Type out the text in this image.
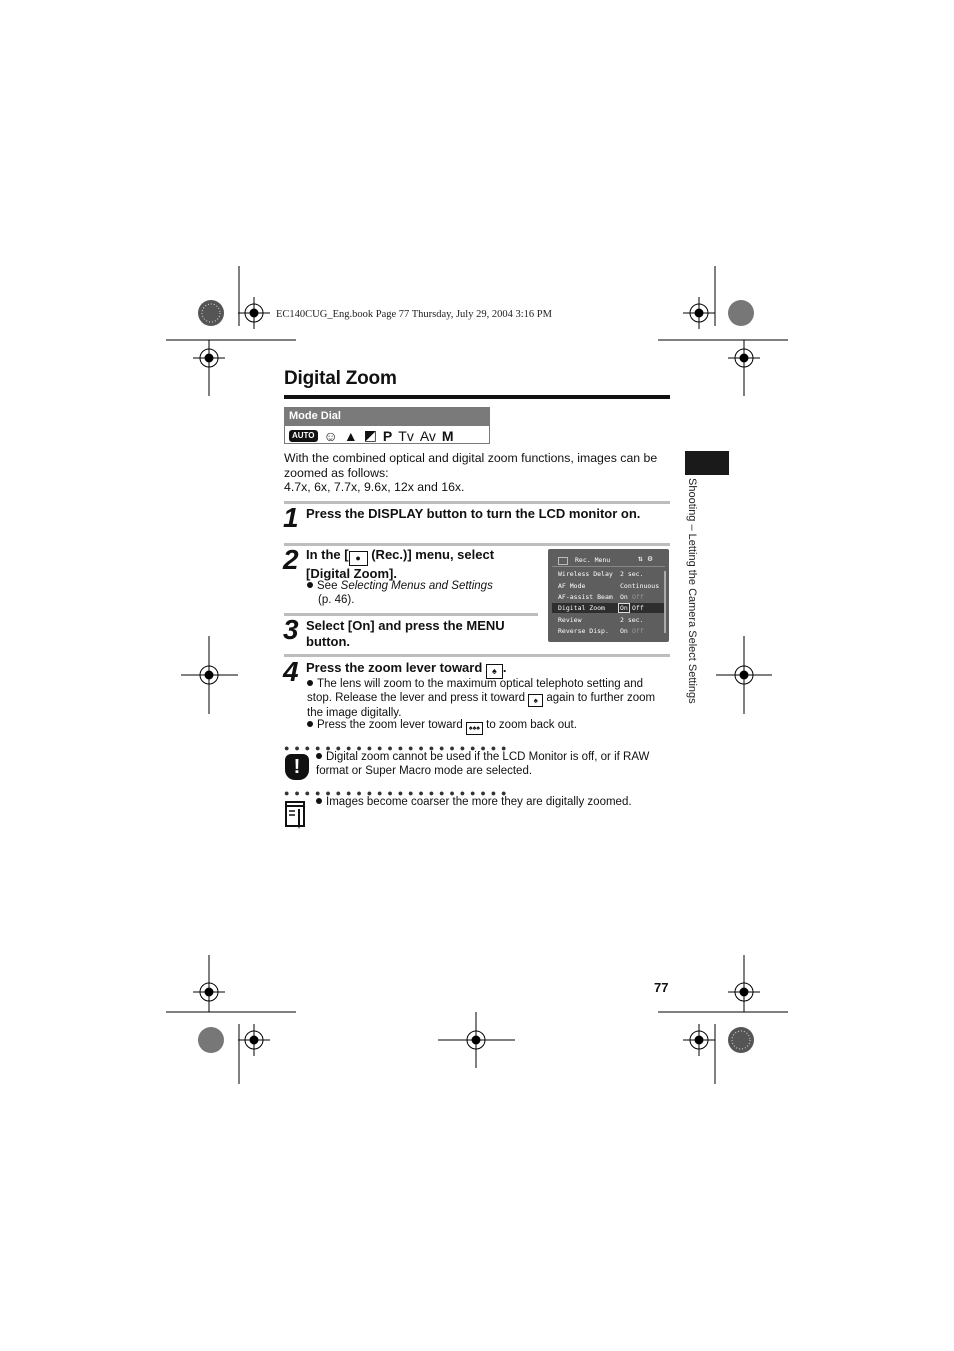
EC140CUG_Eng.book Page 77 Thursday, July 29, 2004 3:16 PM
Digital Zoom
Mode Dial
AUTO ☺ ▲ ◩ P Tv Av M
With the combined optical and digital zoom functions, images can be zoomed as follows:
4.7x, 6x, 7.7x, 9.6x, 12x and 16x.
1 Press the DISPLAY button to turn the LCD monitor on.
2 In the [ ● (Rec.)] menu, select
[Digital Zoom].
See Selecting Menus and Settings
(p. 46).
Rec. Menu	⇅ ⚙
Wireless Delay 2 sec.
AF Mode	Continuous
AF-assist Beam On Off
Digital Zoom	On Off
Review	2 sec.
Reverse Disp. On Off
3 Select [On] and press the MENU button.
4 Press the zoom lever toward ♠ .
The lens will zoom to the maximum optical telephoto setting and stop. Release the lever and press it toward ♠ again to further zoom the image digitally.
Press the zoom lever toward ♠♠♠ to zoom back out.
●●●●●●●●●●●●●●●●●●●●●●
!	Digital zoom cannot be used if the LCD Monitor is off, or if RAW format or Super Macro mode are selected.
●●●●●●●●●●●●●●●●●●●●●●
Images become coarser the more they are digitally zoomed.
Shooting – Letting the Camera Select Settings
77
